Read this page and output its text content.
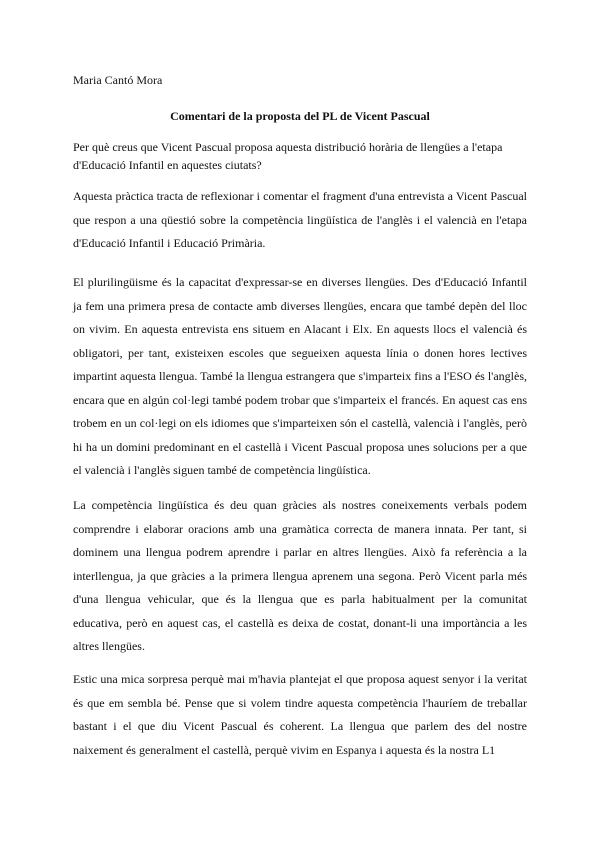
Maria Cantó Mora

Comentari de la proposta del PL de Vicent Pascual

Per què creus que Vicent Pascual proposa aquesta distribució horària de llengües a l'etapa d'Educació Infantil en aquestes ciutats?

Aquesta pràctica tracta de reflexionar i comentar el fragment d'una entrevista a Vicent Pascual que respon a una qüestió sobre la competència lingüística de l'anglès i el valencià en l'etapa d'Educació Infantil i Educació Primària.

El plurilingüisme és la capacitat d'expressar-se en diverses llengües. Des d'Educació Infantil ja fem una primera presa de contacte amb diverses llengües, encara que també depèn del lloc on vivim. En aquesta entrevista ens situem en Alacant i Elx. En aquests llocs el valencià és obligatori, per tant, existeixen escoles que segueixen aquesta línia o donen hores lectives impartint aquesta llengua. També la llengua estrangera que s'imparteix fins a l'ESO és l'anglès, encara que en algún col·legi també podem trobar que s'imparteix el francés. En aquest cas ens trobem en un col·legi on els idiomes que s'imparteixen són el castellà, valencià i l'anglès, però hi ha un domini predominant en el castellà i Vicent Pascual proposa unes solucions per a que el valencià i l'anglès siguen també de competència lingüística.

La competència lingüística és deu quan gràcies als nostres coneixements verbals podem comprendre i elaborar oracions amb una gramàtica correcta de manera innata. Per tant, si dominem una llengua podrem aprendre i parlar en altres llengües. Això fa referència a la interllengua, ja que gràcies a la primera llengua aprenem una segona. Però Vicent parla més d'una llengua vehicular, que és la llengua que es parla habitualment per la comunitat educativa, però en aquest cas, el castellà es deixa de costat, donant-li una importància a les altres llengües.

Estic una mica sorpresa perquè mai m'havia plantejat el que proposa aquest senyor i la veritat és que em sembla bé. Pense que si volem tindre aquesta competència l'hauríem de treballar bastant i el que diu Vicent Pascual és coherent. La llengua que parlem des del nostre naixement és generalment el castellà, perquè vivim en Espanya i aquesta és la nostra L1
